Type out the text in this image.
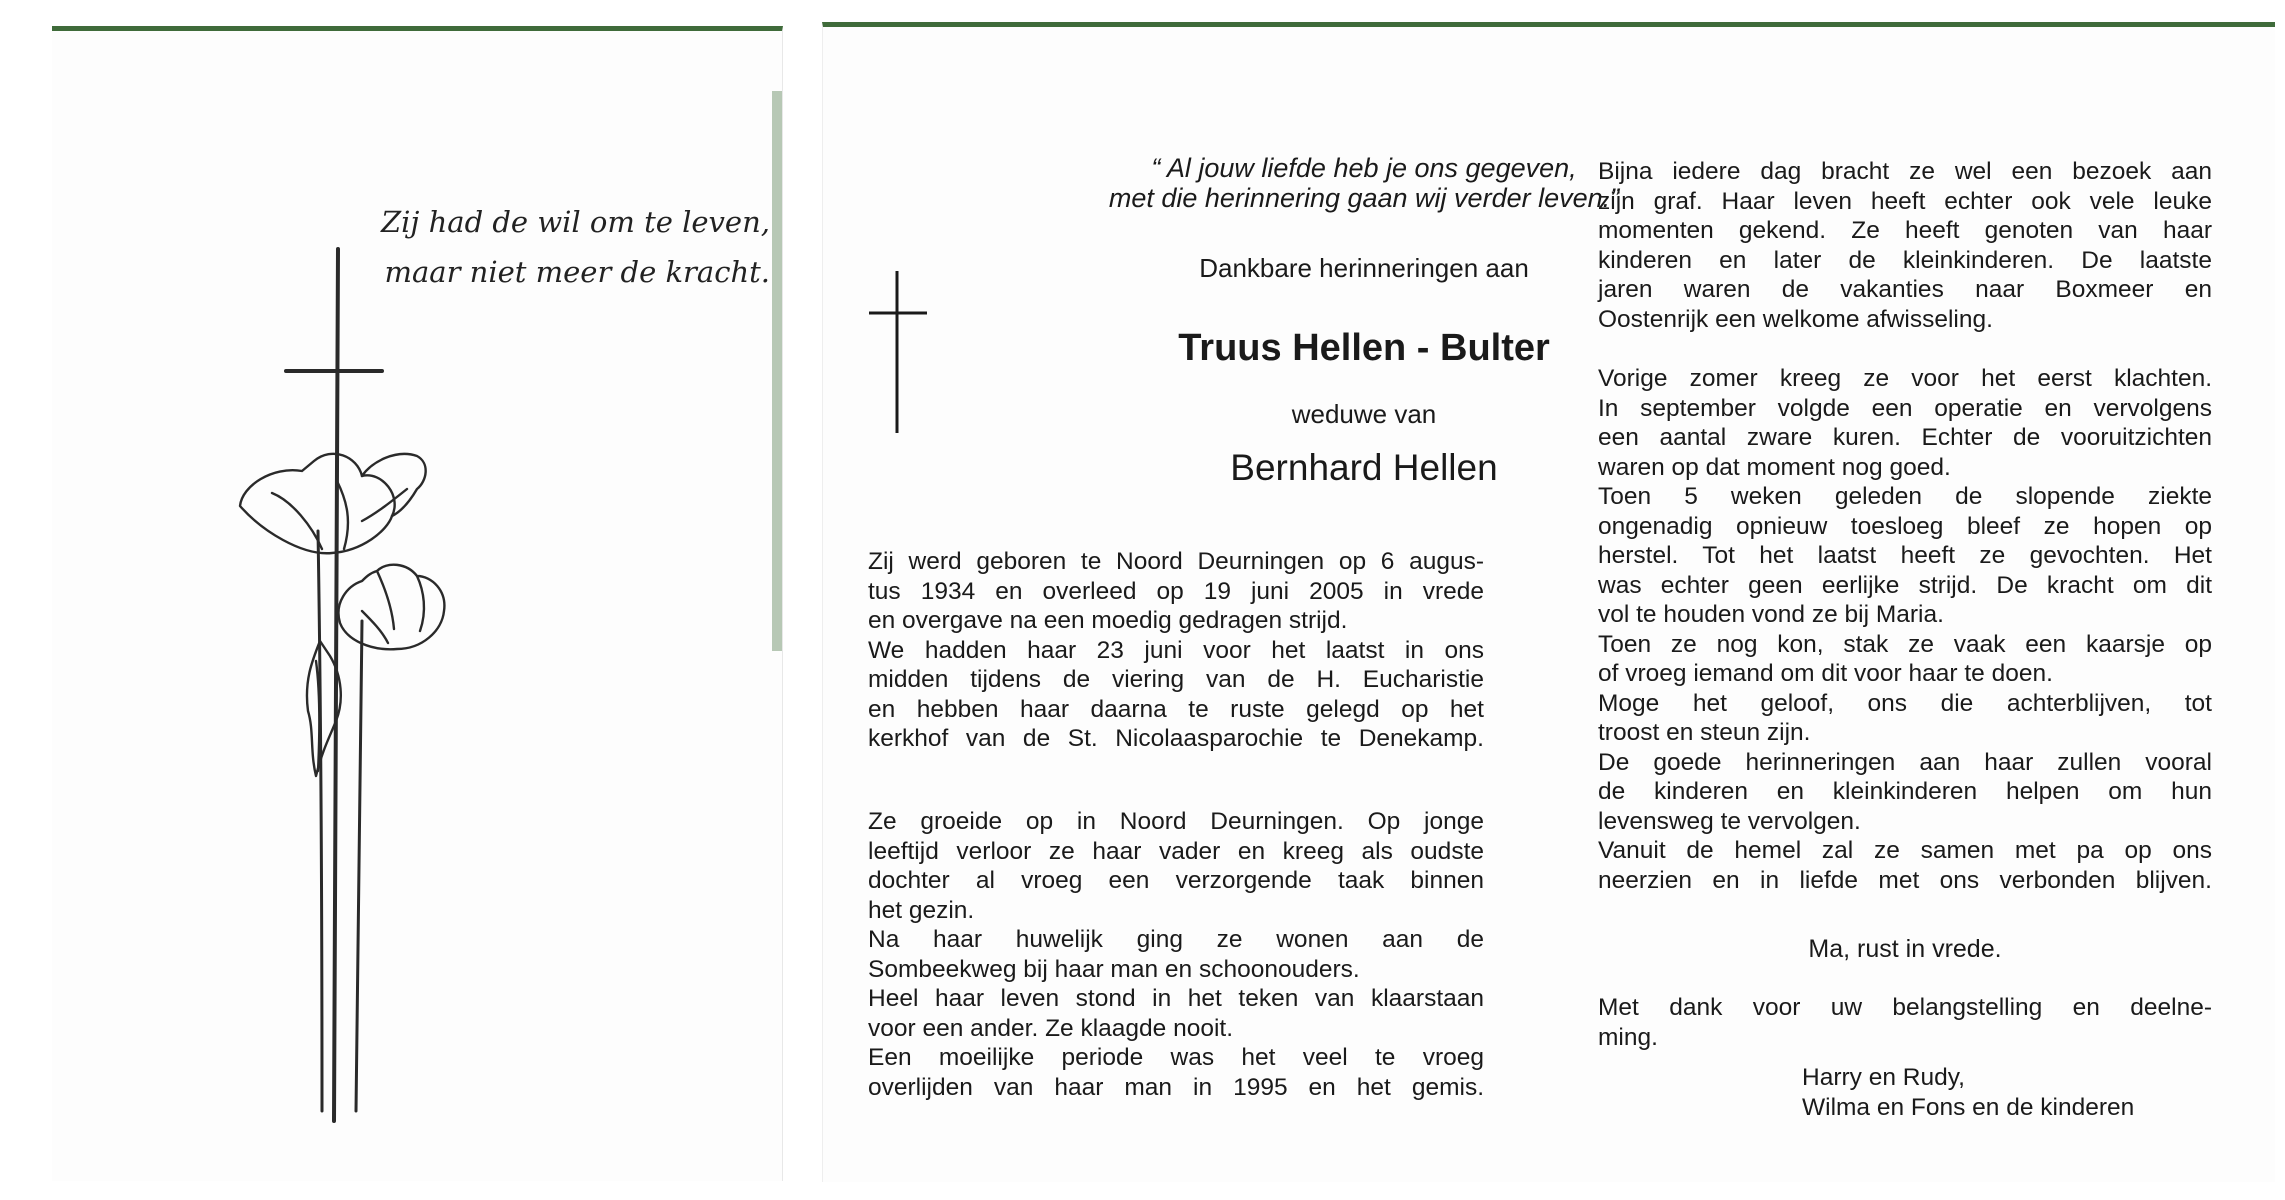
Zij had de wil om te leven,
maar niet meer de kracht.
“ Al jouw liefde heb je ons gegeven,
met die herinnering gaan wij verder leven.”
Dankbare herinneringen aan
Truus Hellen - Bulter
weduwe van
Bernhard Hellen
Zij werd geboren te Noord Deurningen op 6 augus-
tus 1934 en overleed op 19 juni 2005 in vrede
en overgave na een moedig gedragen strijd.
We hadden haar 23 juni voor het laatst in ons
midden tijdens de viering van de H. Eucharistie
en hebben haar daarna te ruste gelegd op het
kerkhof van de St. Nicolaasparochie te Denekamp.
Ze groeide op in Noord Deurningen. Op jonge
leeftijd verloor ze haar vader en kreeg als oudste
dochter al vroeg een verzorgende taak binnen
het gezin.
Na haar huwelijk ging ze wonen aan de
Sombeekweg bij haar man en schoonouders.
Heel haar leven stond in het teken van klaarstaan
voor een ander. Ze klaagde nooit.
Een moeilijke periode was het veel te vroeg
overlijden van haar man in 1995 en het gemis.
Bijna iedere dag bracht ze wel een bezoek aan
zijn graf. Haar leven heeft echter ook vele leuke
momenten gekend. Ze heeft genoten van haar
kinderen en later de kleinkinderen. De laatste
jaren waren de vakanties naar Boxmeer en
Oostenrijk een welkome afwisseling.
Vorige zomer kreeg ze voor het eerst klachten.
In september volgde een operatie en vervolgens
een aantal zware kuren. Echter de vooruitzichten
waren op dat moment nog goed.
Toen 5 weken geleden de slopende ziekte
ongenadig opnieuw toesloeg bleef ze hopen op
herstel. Tot het laatst heeft ze gevochten. Het
was echter geen eerlijke strijd. De kracht om dit
vol te houden vond ze bij Maria.
Toen ze nog kon, stak ze vaak een kaarsje op
of vroeg iemand om dit voor haar te doen.
Moge het geloof, ons die achterblijven, tot
troost en steun zijn.
De goede herinneringen aan haar zullen vooral
de kinderen en kleinkinderen helpen om hun
levensweg te vervolgen.
Vanuit de hemel zal ze samen met pa op ons
neerzien en in liefde met ons verbonden blijven.
Ma, rust in vrede.
Met dank voor uw belangstelling en deelne-
ming.
Harry en Rudy,
Wilma en Fons en de kinderen
